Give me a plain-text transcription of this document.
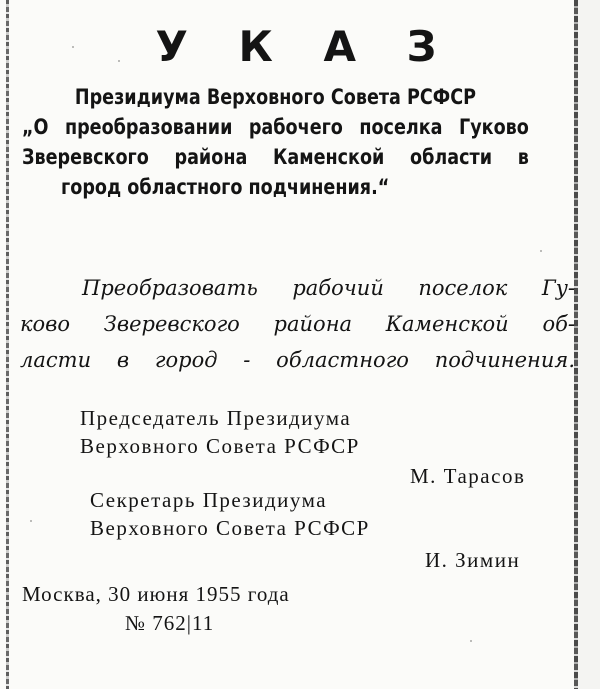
У К А З
Президиума Верховного Совета РСФСР
„О преобразовании рабочего поселка Гуково
Зверевского района Каменской области в
город областного подчинения.“
Преобразовать рабочий поселок Гу-
ково Зверевского района Каменской об-
ласти в город - областного подчинения.
Председатель Президиума
Верховного Совета РСФСР
М. Тарасов
Секретарь Президиума
Верховного Совета РСФСР
И. Зимин
Москва, 30 июня 1955 года
№ 762|11
